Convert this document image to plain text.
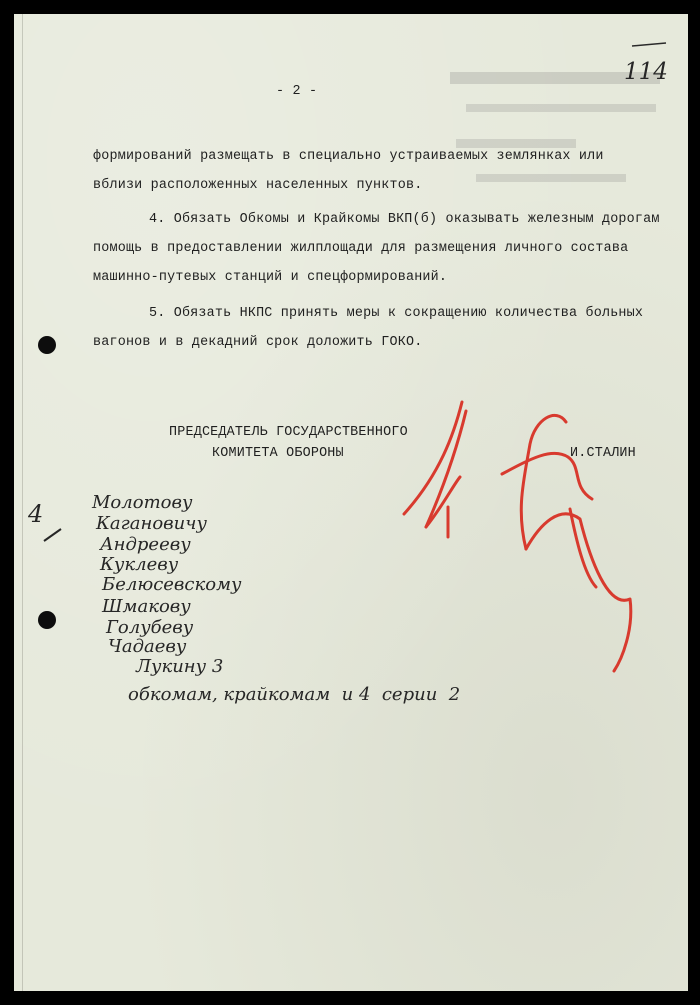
- 2 -

114

формирований размещать в специально устраиваемых землянках или

вблизи расположенных населенных пунктов.

4. Обязать Обкомы и Крайкомы ВКП(б) оказывать железным дорогам

помощь в предоставлении жилплощади для размещения личного состава

машинно-путевых станций и спецформирований.

5. Обязать НКПС принять меры к сокращению количества больных

вагонов и в декадний срок доложить ГОКО.

ПРЕДСЕДАТЕЛЬ ГОСУДАРСТВЕННОГО

КОМИТЕТА ОБОРОНЫ	И.СТАЛИН

4	Молотову

Кагановичу

Андрееву

Куклеву

Белюсевскому

Шмакову

Голубеву

Чадаеву

Лукину 3

обкомам, крайкомам  и 4  серии  2
